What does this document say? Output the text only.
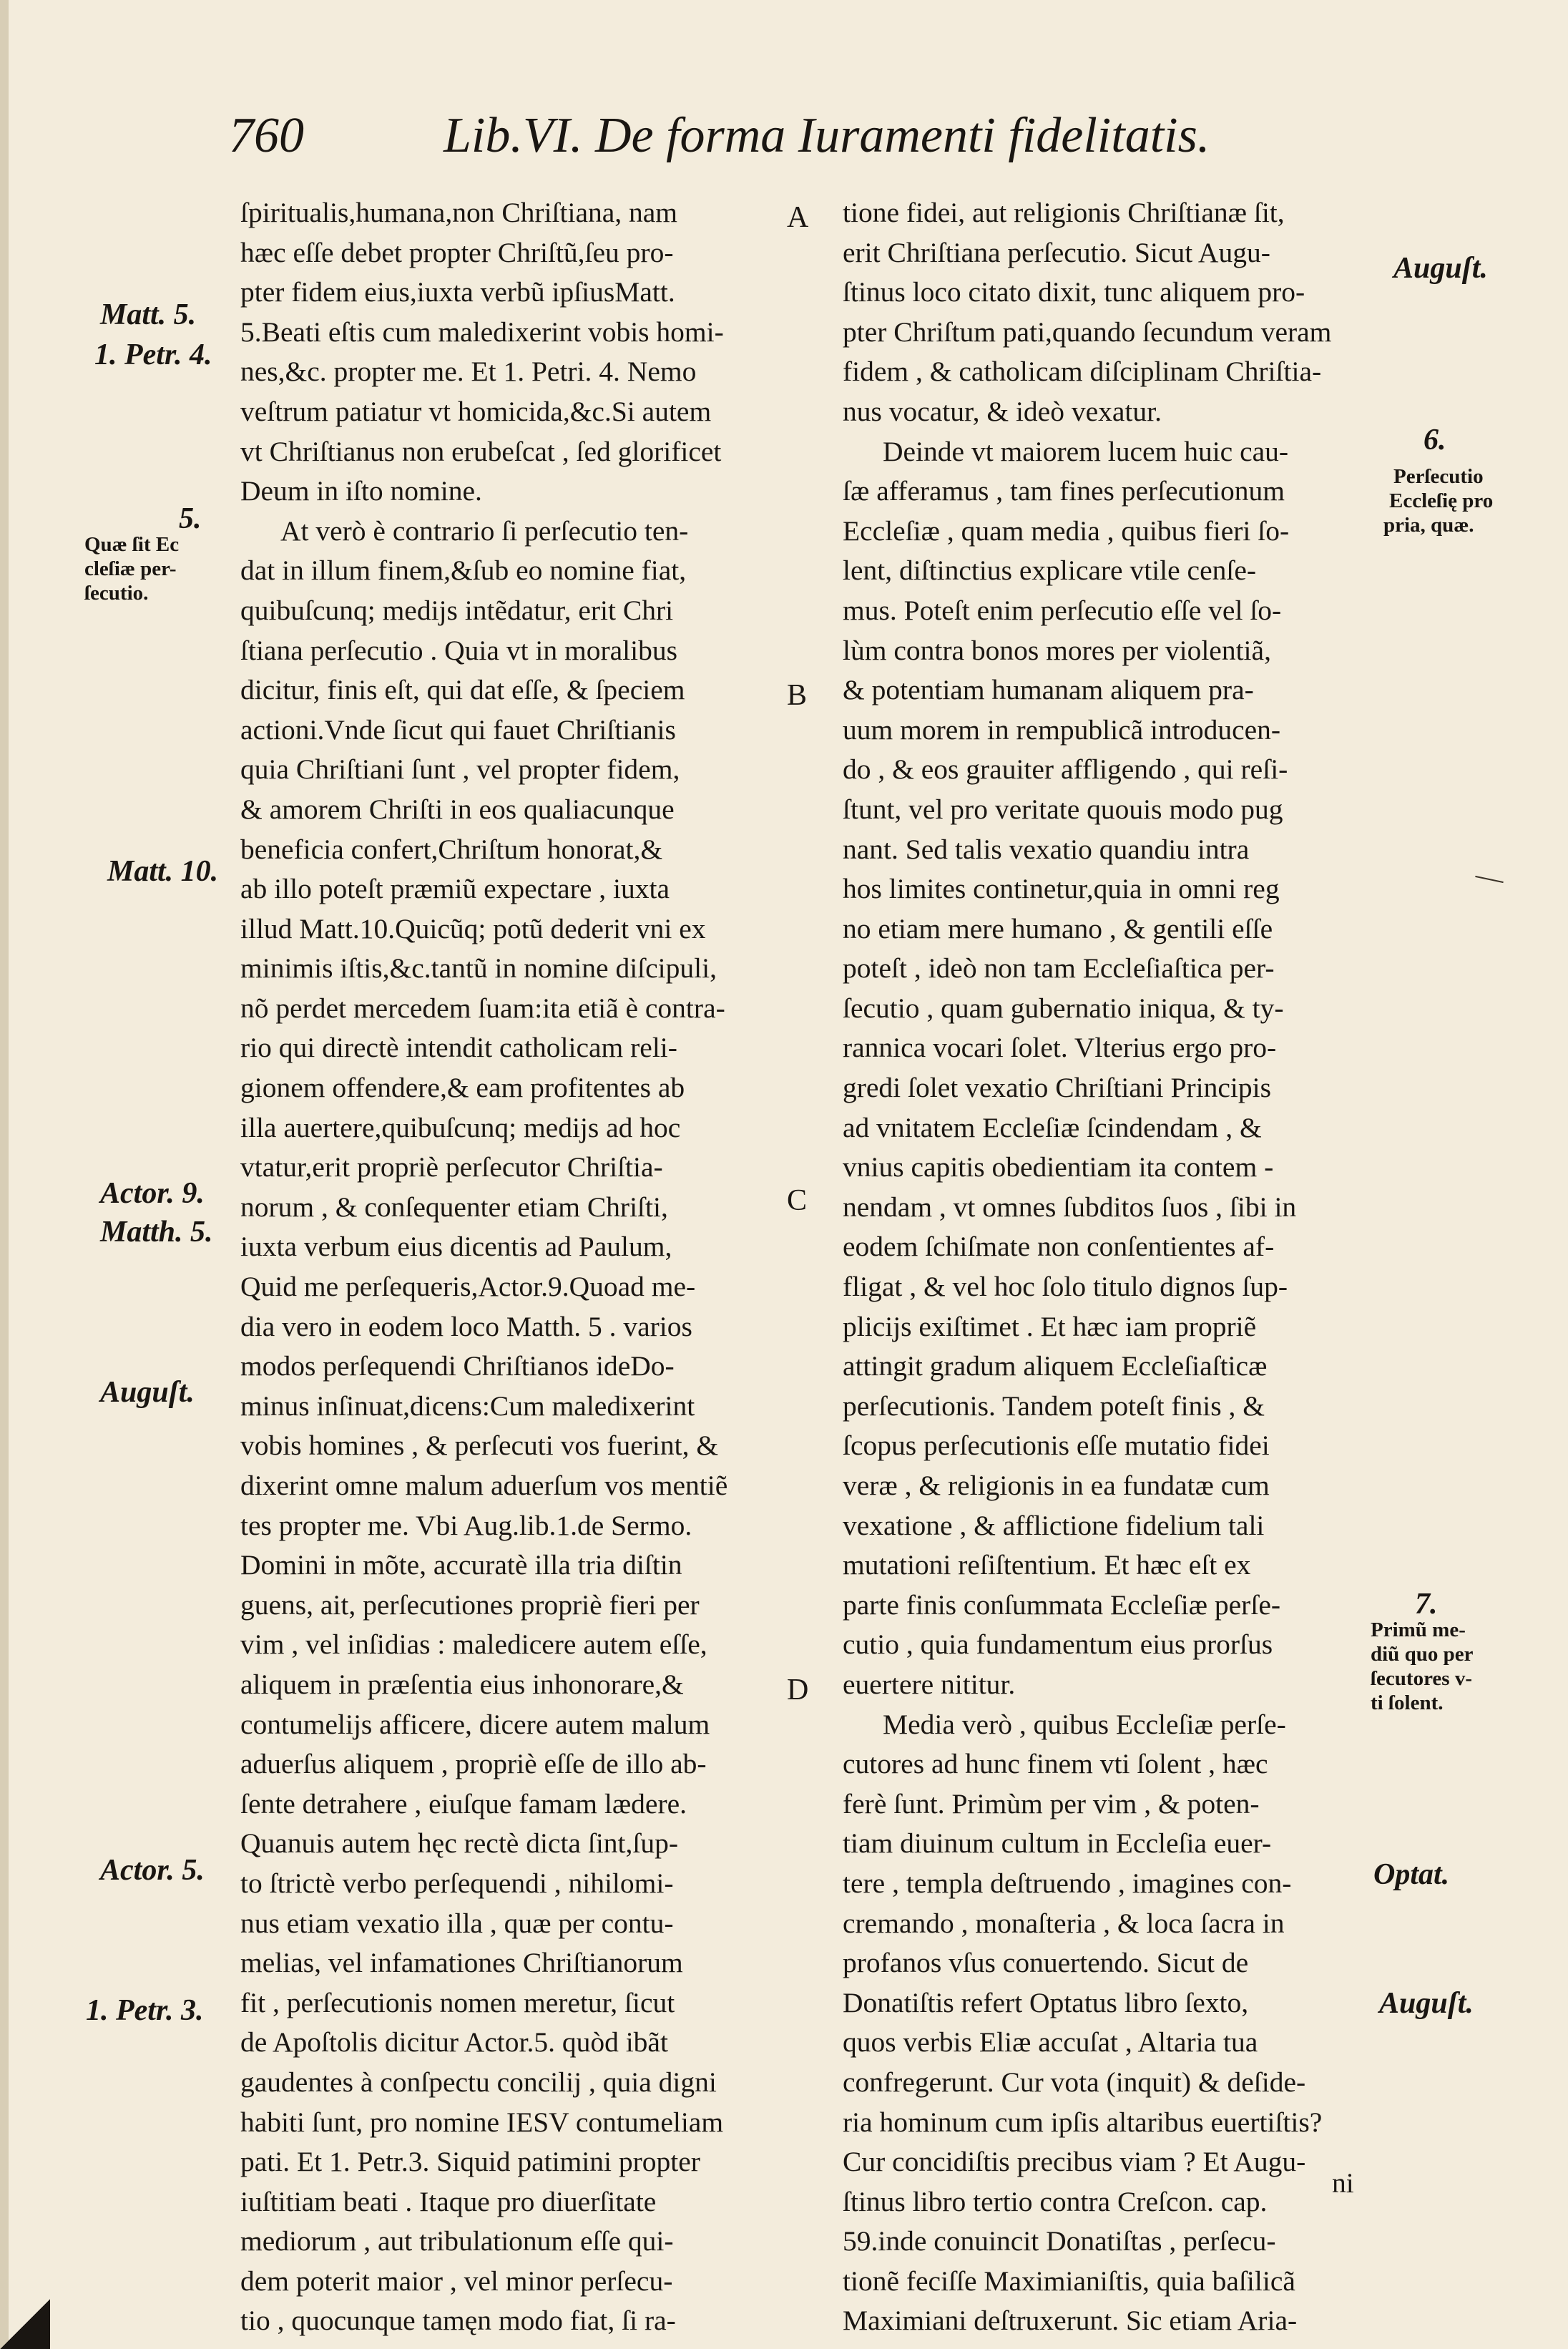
760	Lib.VI. De forma Iuramenti fidelitatis.
ſpiritualis,humana,non Chriſtiana, nam
hæc eſſe debet propter Chriſtũ,ſeu pro-
pter fidem eius,iuxta verbũ ipſiusMatt.
5.Beati eſtis cum maledixerint vobis homi-
nes,&c. propter me. Et 1. Petri. 4. Nemo
veſtrum patiatur vt homicida,&c.Si autem
vt Chriſtianus non erubeſcat , ſed glorificet
Deum in iſto nomine.
At verò è contrario ſi perſecutio ten-
dat in illum finem,&ſub eo nomine fiat,
quibuſcunq; medijs intẽdatur, erit Chri
ſtiana perſecutio . Quia vt in moralibus
dicitur, finis eſt, qui dat eſſe, & ſpeciem
actioni.Vnde ſicut qui fauet Chriſtianis
quia Chriſtiani ſunt , vel propter fidem,
& amorem Chriſti in eos qualiacunque
beneficia confert,Chriſtum honorat,&
ab illo poteſt præmiũ expectare , iuxta
illud Matt.10.Quicũq; potũ dederit vni ex
minimis iſtis,&c.tantũ in nomine diſcipuli,
nõ perdet mercedem ſuam:ita etiã è contra-
rio qui directè intendit catholicam reli-
gionem offendere,& eam profitentes ab
illa auertere,quibuſcunq; medijs ad hoc
vtatur,erit propriè perſecutor Chriſtia-
norum , & conſequenter etiam Chriſti,
iuxta verbum eius dicentis ad Paulum,
Quid me perſequeris,Actor.9.Quoad me-
dia vero in eodem loco Matth. 5 . varios
modos perſequendi Chriſtianos ideDo-
minus inſinuat,dicens:Cum maledixerint
vobis homines , & perſecuti vos fuerint, &
dixerint omne malum aduerſum vos mentiẽ
tes propter me. Vbi Aug.lib.1.de Sermo.
Domini in mõte, accuratè illa tria diſtin
guens, ait, perſecutiones propriè fieri per
vim , vel inſidias : maledicere autem eſſe,
aliquem in præſentia eius inhonorare,&
contumelijs afficere, dicere autem malum
aduerſus aliquem , propriè eſſe de illo ab-
ſente detrahere , eiuſque famam lædere.
Quanuis autem hęc rectè dicta ſint,ſup-
to ſtrictè verbo perſequendi , nihilomi-
nus etiam vexatio illa , quæ per contu-
melias, vel infamationes Chriſtianorum
fit , perſecutionis nomen meretur, ſicut
de Apoſtolis dicitur Actor.5. quòd ibãt
gaudentes à conſpectu concilij , quia digni
habiti ſunt, pro nomine IESV contumeliam
pati. Et 1. Petr.3. Siquid patimini propter
iuſtitiam beati . Itaque pro diuerſitate
mediorum , aut tribulationum eſſe qui-
dem poterit maior , vel minor perſecu-
tio , quocunque tamęn modo fiat, ſi ra-
tione fidei, aut religionis Chriſtianæ ſit,
erit Chriſtiana perſecutio. Sicut Augu-
ſtinus loco citato dixit, tunc aliquem pro-
pter Chriſtum pati,quando ſecundum veram
fidem , & catholicam diſciplinam Chriſtia-
nus vocatur, & ideò vexatur.
Deinde vt maiorem lucem huic cau-
ſæ afferamus , tam fines perſecutionum
Eccleſiæ , quam media , quibus fieri ſo-
lent, diſtinctius explicare vtile cenſe-
mus. Poteſt enim perſecutio eſſe vel ſo-
lùm contra bonos mores per violentiã,
& potentiam humanam aliquem pra-
uum morem in rempublicã introducen-
do , & eos grauiter affligendo , qui reſi-
ſtunt, vel pro veritate quouis modo pug
nant. Sed talis vexatio quandiu intra
hos limites continetur,quia in omni reg
no etiam mere humano , & gentili eſſe
poteſt , ideò non tam Eccleſiaſtica per-
ſecutio , quam gubernatio iniqua, & ty-
rannica vocari ſolet. Vlterius ergo pro-
gredi ſolet vexatio Chriſtiani Principis
ad vnitatem Eccleſiæ ſcindendam , &
vnius capitis obedientiam ita contem -
nendam , vt omnes ſubditos ſuos , ſibi in
eodem ſchiſmate non conſentientes af-
fligat , & vel hoc ſolo titulo dignos ſup-
plicijs exiſtimet . Et hæc iam propriẽ
attingit gradum aliquem Eccleſiaſticæ
perſecutionis. Tandem poteſt finis , &
ſcopus perſecutionis eſſe mutatio fidei
veræ , & religionis in ea fundatæ cum
vexatione , & afflictione fidelium tali
mutationi reſiſtentium. Et hæc eſt ex
parte finis conſummata Eccleſiæ perſe-
cutio , quia fundamentum eius prorſus
euertere nititur.
Media verò , quibus Eccleſiæ perſe-
cutores ad hunc finem vti ſolent , hæc
ferè ſunt. Primùm per vim , & poten-
tiam diuinum cultum in Eccleſia euer-
tere , templa deſtruendo , imagines con-
cremando , monaſteria , & loca ſacra in
profanos vſus conuertendo. Sicut de
Donatiſtis refert Optatus libro ſexto,
quos verbis Eliæ accuſat , Altaria tua
confregerunt. Cur vota (inquit) & deſide-
ria hominum cum ipſis altaribus euertiſtis?
Cur concidiſtis precibus viam ? Et Augu-
ſtinus libro tertio contra Creſcon. cap.
59.inde conuincit Donatiſtas , perſecu-
tionẽ feciſſe Maximianiſtis, quia baſilicã
Maximiani deſtruxerunt. Sic etiam Aria-
ni
Matt. 5.
1. Petr. 4.
5.
Quæ ſit Ec
cleſiæ per-
ſecutio.
Matt. 10.
Actor. 9.
Matth. 5.
Auguſt.
Actor. 5.
1. Petr. 3.
Auguſt.
6.
Perſecutio
Eccleſię pro
pria, quæ.
7.
Primũ me-
diũ quo per
ſecutores v-
ti ſolent.
Optat.
Auguſt.
A
B
C
D
